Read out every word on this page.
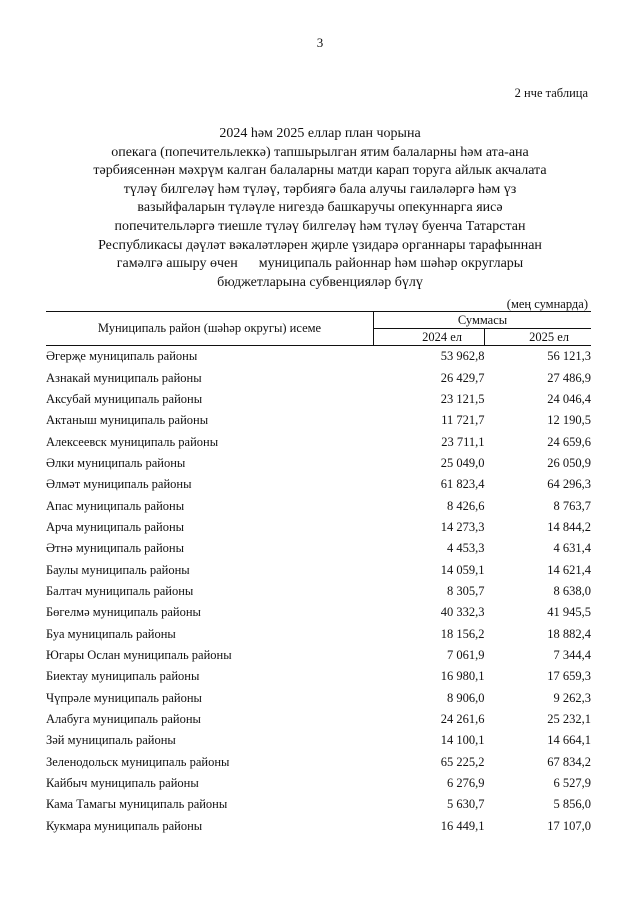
3
2 нче таблица
2024 һәм 2025 еллар план чорына
опекага (попечительлеккә) тапшырылган ятим балаларны һәм ата-ана
тәрбиясеннән мәхрүм калган балаларны матди карап торуга айлык акчалата
түләү билгеләү һәм түләү, тәрбиягә бала алучы гаиләләргә һәм үз
вазыйфаларын түләүле нигездә башкаручы опекуннарга яисә
попечительләргә тиешле түләү билгеләү һәм түләү буенча Татарстан
Республикасы дәүләт вәкаләтләрен җирле үзидарә органнары тарафыннан
гамәлгә ашыру өчен      муниципаль районнар һәм шәһәр округлары
бюджетларына субвенцияләр бүлү
(мең сумнарда)
Муниципаль район (шәһәр округы) исеме	Суммасы	
	2024 ел	2025 ел
Әгерҗе муниципаль районы	53 962,8	56 121,3
Азнакай муниципаль районы	26 429,7	27 486,9
Аксубай муниципаль районы	23 121,5	24 046,4
Актаныш муниципаль районы	11 721,7	12 190,5
Алексеевск муниципаль районы	23 711,1	24 659,6
Әлки муниципаль районы	25 049,0	26 050,9
Әлмәт муниципаль районы	61 823,4	64 296,3
Апас муниципаль районы	8 426,6	8 763,7
Арча муниципаль районы	14 273,3	14 844,2
Әтнә муниципаль районы	4 453,3	4 631,4
Баулы муниципаль районы	14 059,1	14 621,4
Балтач муниципаль районы	8 305,7	8 638,0
Бөгелмә муниципаль районы	40 332,3	41 945,5
Буа муниципаль районы	18 156,2	18 882,4
Югары Ослан муниципаль районы	7 061,9	7 344,4
Биектау муниципаль районы	16 980,1	17 659,3
Чүпрәле муниципаль районы	8 906,0	9 262,3
Алабуга муниципаль районы	24 261,6	25 232,1
Зәй муниципаль районы	14 100,1	14 664,1
Зеленодольск муниципаль районы	65 225,2	67 834,2
Кайбыч муниципаль районы	6 276,9	6 527,9
Кама Тамагы муниципаль районы	5 630,7	5 856,0
Кукмара муниципаль районы	16 449,1	17 107,0
